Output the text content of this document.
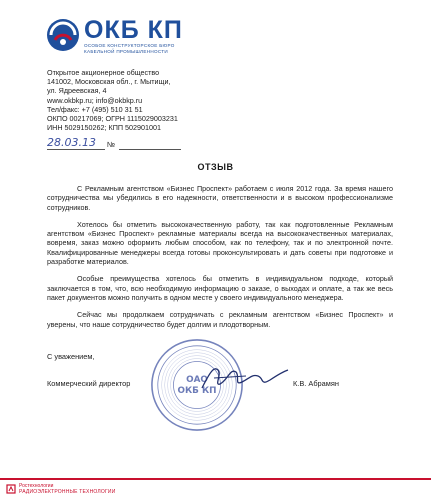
ОКБ КП
ОСОБОЕ КОНСТРУКТОРСКОЕ БЮРО
КАБЕЛЬНОЙ ПРОМЫШЛЕННОСТИ
Открытое акционерное общество
141002, Московская обл., г. Мытищи,
ул. Ядреевская, 4
www.okbkp.ru; info@okbkp.ru
Тел/факс: +7 (495) 510 31 51
ОКПО 00217069; ОГРН 1115029003231
ИНН 5029150262; КПП 502901001
28.03.13 №
ОТЗЫВ

С Рекламным агентством «Бизнес Проспект» работаем с июля 2012 года. За время нашего сотрудничества мы убедились в его надежности, ответственности и в высоком профессионализме сотрудников.

Хотелось бы отметить высококачественную работу, так как подготовленные Рекламным агентством «Бизнес Проспект» рекламные материалы всегда на высококачественных материалах, вовремя, заказ можно оформить любым способом, как по телефону, так и по электронной почте. Квалифицированные менеджеры всегда готовы проконсультировать и дать советы при подготовке и разработке материалов.

Особые преимущества хотелось бы отметить в индивидуальном подходе, который заключается в том, что, всю необходимую информацию о заказе, о выходах и оплате, а так же весь пакет документов можно получить в одном месте у своего индивидуального менеджера.

Сейчас мы продолжаем сотрудничать с рекламным агентством «Бизнес Проспект» и уверены, что наше сотрудничество будет долгим и плодотворным.

С уважением,
ОАО
ОКБ КП
Коммерческий директор	К.В. Абрамян
Ростехнологии
РАДИОЭЛЕКТРОННЫЕ ТЕХНОЛОГИИ
